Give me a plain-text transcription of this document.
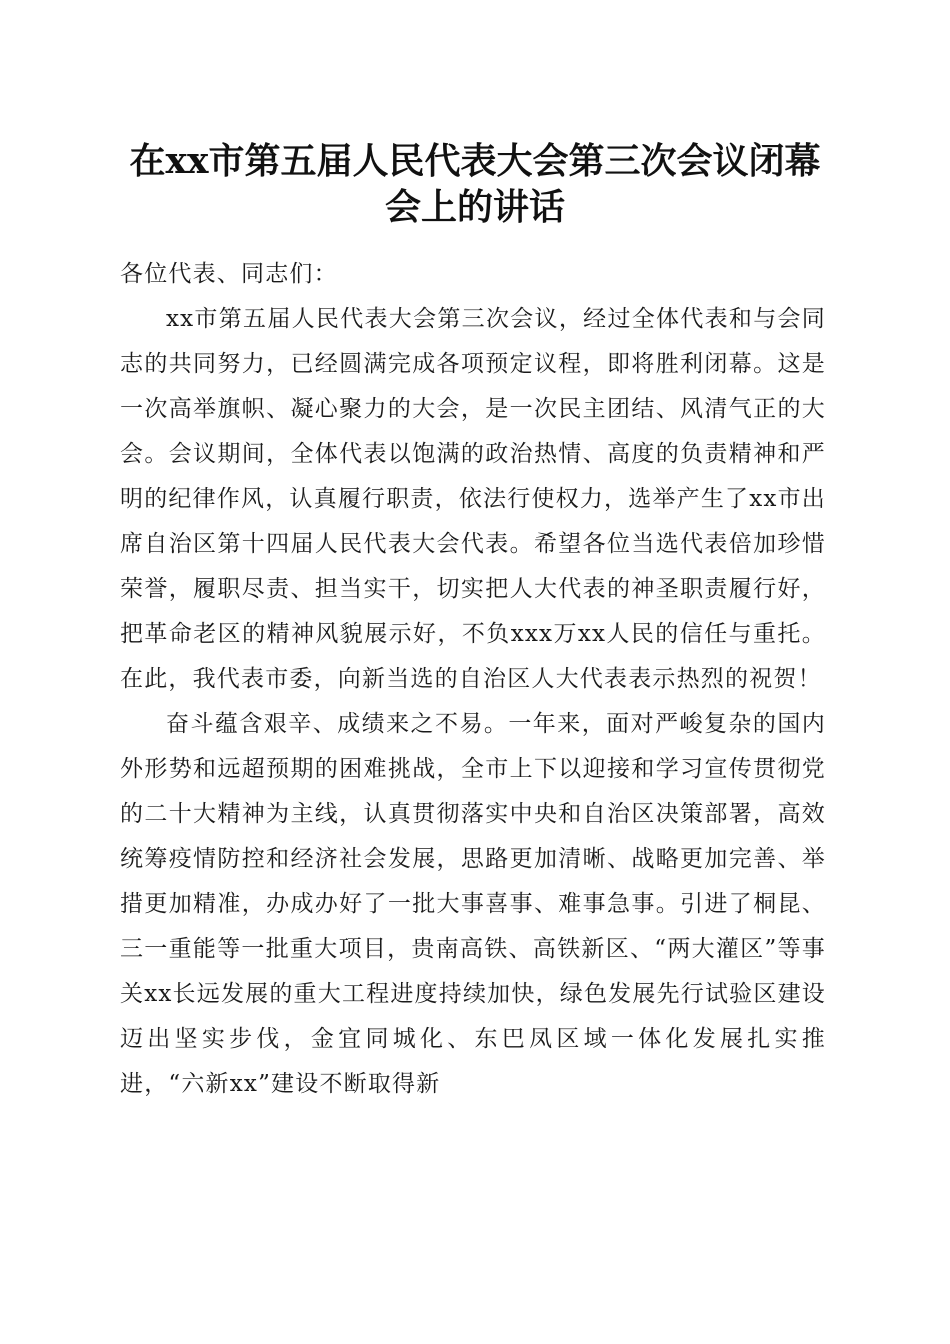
在xx市第五届人民代表大会第三次会议闭幕
会上的讲话

各位代表、同志们：

xx市第五届人民代表大会第三次会议，经过全体代表和与会同志的共同努力，已经圆满完成各项预定议程，即将胜利闭幕。这是一次高举旗帜、凝心聚力的大会，是一次民主团结、风清气正的大会。会议期间，全体代表以饱满的政治热情、高度的负责精神和严明的纪律作风，认真履行职责，依法行使权力，选举产生了xx市出席自治区第十四届人民代表大会代表。希望各位当选代表倍加珍惜荣誉，履职尽责、担当实干，切实把人大代表的神圣职责履行好，把革命老区的精神风貌展示好，不负xxx万xx人民的信任与重托。在此，我代表市委，向新当选的自治区人大代表表示热烈的祝贺！

奋斗蕴含艰辛、成绩来之不易。一年来，面对严峻复杂的国内外形势和远超预期的困难挑战，全市上下以迎接和学习宣传贯彻党的二十大精神为主线，认真贯彻落实中央和自治区决策部署，高效统筹疫情防控和经济社会发展，思路更加清晰、战略更加完善、举措更加精准，办成办好了一批大事喜事、难事急事。引进了桐昆、三一重能等一批重大项目，贵南高铁、高铁新区、“两大灌区”等事关xx长远发展的重大工程进度持续加快，绿色发展先行试验区建设迈出坚实步伐，金宜同城化、东巴凤区域一体化发展扎实推进，“六新xx”建设不断取得新
